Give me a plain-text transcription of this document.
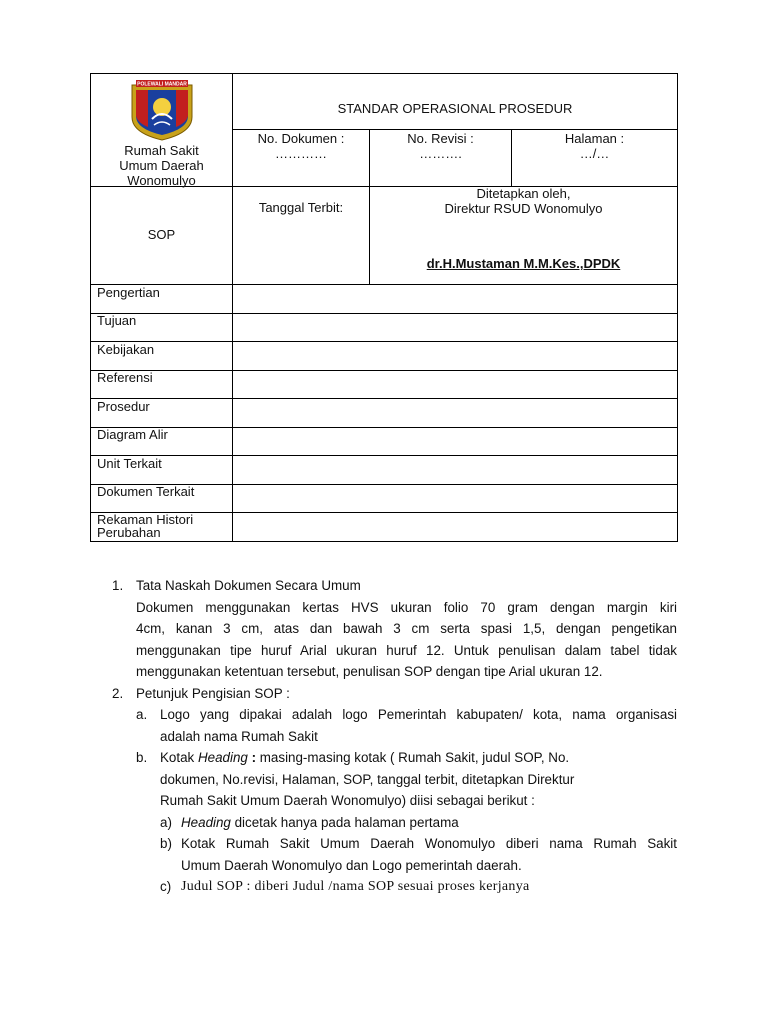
POLEWALI MANDAR
Rumah Sakit
Umum Daerah
Wonomulyo
STANDAR OPERASIONAL PROSEDUR
No. Dokumen :
…………
No. Revisi :
……….
Halaman :
…/…
SOP
Tanggal Terbit:
Ditetapkan oleh,
Direktur RSUD Wonomulyo
dr.H.Mustaman M.M.Kes.,DPDK
Pengertian
Tujuan
Kebijakan
Referensi
Prosedur
Diagram Alir
Unit Terkait
Dokumen Terkait
Rekaman Histori
Perubahan
1. Tata Naskah Dokumen Secara Umum
Dokumen menggunakan kertas HVS ukuran folio 70 gram dengan margin kiri
4cm, kanan 3 cm, atas dan bawah 3 cm serta spasi 1,5, dengan pengetikan
menggunakan tipe huruf Arial ukuran huruf 12. Untuk penulisan dalam tabel tidak
menggunakan ketentuan tersebut, penulisan SOP dengan tipe Arial ukuran 12.
2. Petunjuk Pengisian SOP :
a. Logo yang dipakai adalah logo Pemerintah kabupaten/ kota, nama organisasi
adalah nama Rumah Sakit
b. Kotak Heading : masing-masing kotak ( Rumah Sakit, judul SOP, No.
dokumen, No.revisi, Halaman, SOP, tanggal terbit, ditetapkan Direktur
Rumah Sakit Umum Daerah Wonomulyo) diisi sebagai berikut :
a) Heading dicetak hanya pada halaman pertama
b) Kotak Rumah Sakit Umum Daerah Wonomulyo diberi nama Rumah Sakit
Umum Daerah Wonomulyo dan Logo pemerintah daerah.
c) Judul SOP : diberi Judul /nama SOP sesuai proses kerjanya
